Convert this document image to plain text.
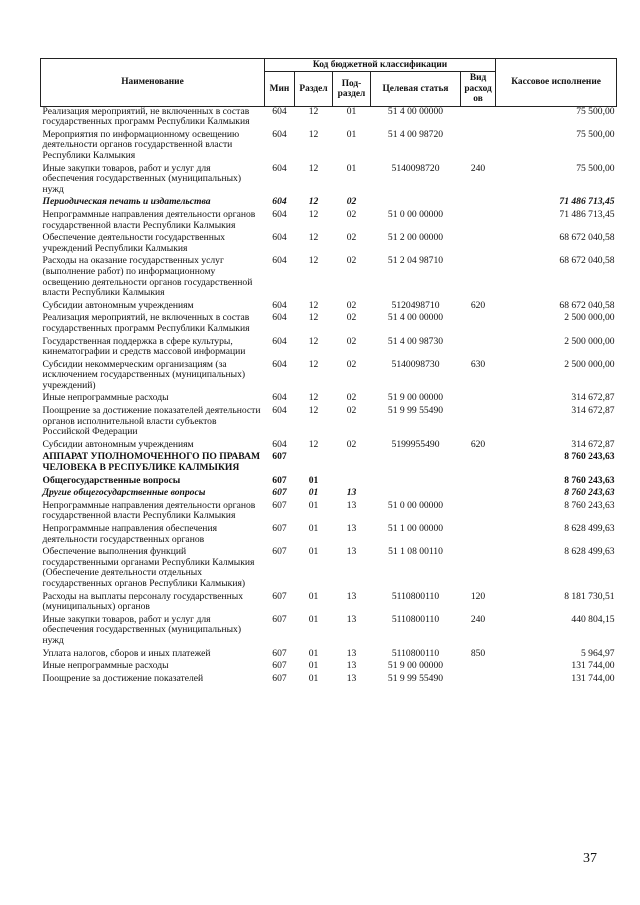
Наименование	Код бюджетной классификации					Кассовое исполнение
	Мин	Раздел	Под-раздел	Целевая статья	Вид расход ов	
Реализация мероприятий, не включенных в состав государственных программ Республики Калмыкия	604	12	01	51 4 00 00000		75 500,00
Мероприятия по информационному освещению деятельности органов государственной власти Республики Калмыкия	604	12	01	51 4 00 98720		75 500,00
Иные закупки товаров, работ и услуг для обеспечения государственных (муниципальных) нужд	604	12	01	5140098720	240	75 500,00
Периодическая печать и издательства	604	12	02			71 486 713,45
Непрограммные направления деятельности органов государственной власти Республики Калмыкия	604	12	02	51 0 00 00000		71 486 713,45
Обеспечение деятельности государственных учреждений Республики Калмыкия	604	12	02	51 2 00 00000		68 672 040,58
Расходы на оказание государственных услуг (выполнение работ) по информационному освещению деятельности органов государственной власти Республики Калмыкия	604	12	02	51 2 04 98710		68 672 040,58
Субсидии автономным учреждениям	604	12	02	5120498710	620	68 672 040,58
Реализация мероприятий, не включенных в состав государственных программ Республики Калмыкия	604	12	02	51 4 00 00000		2 500 000,00
Государственная поддержка в сфере культуры, кинематографии и средств массовой информации	604	12	02	51 4 00 98730		2 500 000,00
Субсидии некоммерческим организациям (за исключением государственных (муниципальных) учреждений)	604	12	02	5140098730	630	2 500 000,00
Иные непрограммные расходы	604	12	02	51 9 00 00000		314 672,87
Поощрение за достижение показателей деятельности органов исполнительной власти субъектов Российской Федерации	604	12	02	51 9 99 55490		314 672,87
Субсидии автономным учреждениям	604	12	02	5199955490	620	314 672,87
АППАРАТ УПОЛНОМОЧЕННОГО ПО ПРАВАМ ЧЕЛОВЕКА В РЕСПУБЛИКЕ КАЛМЫКИЯ	607					8 760 243,63
Общегосударственные вопросы	607	01				8 760 243,63
Другие общегосударственные вопросы	607	01	13			8 760 243,63
Непрограммные направления деятельности органов государственной власти Республики Калмыкия	607	01	13	51 0 00 00000		8 760 243,63
Непрограммные направления обеспечения деятельности государственных органов	607	01	13	51 1 00 00000		8 628 499,63
Обеспечение выполнения функций государственными органами Республики Калмыкия (Обеспечение деятельности отдельных государственных органов Республики Калмыкия)	607	01	13	51 1 08 00110		8 628 499,63
Расходы на выплаты персоналу государственных (муниципальных) органов	607	01	13	5110800110	120	8 181 730,51
Иные закупки товаров, работ и услуг для обеспечения государственных (муниципальных) нужд	607	01	13	5110800110	240	440 804,15
Уплата налогов, сборов и иных платежей	607	01	13	5110800110	850	5 964,97
Иные непрограммные расходы	607	01	13	51 9 00 00000		131 744,00
Поощрение за достижение показателей	607	01	13	51 9 99 55490		131 744,00
37
